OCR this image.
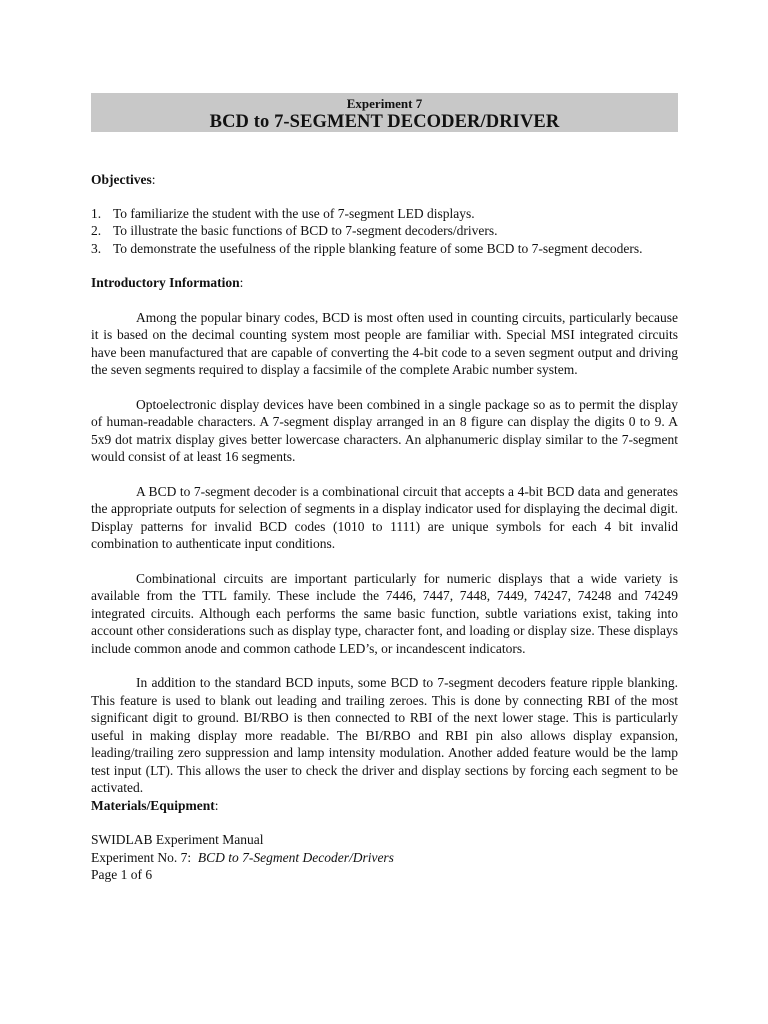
Experiment 7
BCD to 7-SEGMENT DECODER/DRIVER
Objectives:
1. To familiarize the student with the use of 7-segment LED displays.
2. To illustrate the basic functions of BCD to 7-segment decoders/drivers.
3. To demonstrate the usefulness of the ripple blanking feature of some BCD to 7-segment decoders.
Introductory Information:

Among the popular binary codes, BCD is most often used in counting circuits, particularly because it is based on the decimal counting system most people are familiar with. Special MSI integrated circuits have been manufactured that are capable of converting the 4-bit code to a seven segment output and driving the seven segments required to display a facsimile of the complete Arabic number system.

Optoelectronic display devices have been combined in a single package so as to permit the display of human-readable characters. A 7-segment display arranged in an 8 figure can display the digits 0 to 9. A 5x9 dot matrix display gives better lowercase characters. An alphanumeric display similar to the 7-segment would consist of at least 16 segments.

A BCD to 7-segment decoder is a combinational circuit that accepts a 4-bit BCD data and generates the appropriate outputs for selection of segments in a display indicator used for displaying the decimal digit. Display patterns for invalid BCD codes (1010 to 1111) are unique symbols for each 4 bit invalid combination to authenticate input conditions.

Combinational circuits are important particularly for numeric displays that a wide variety is available from the TTL family. These include the 7446, 7447, 7448, 7449, 74247, 74248 and 74249 integrated circuits. Although each performs the same basic function, subtle variations exist, taking into account other considerations such as display type, character font, and loading or display size. These displays include common anode and common cathode LED’s, or incandescent indicators.

In addition to the standard BCD inputs, some BCD to 7-segment decoders feature ripple blanking. This feature is used to blank out leading and trailing zeroes. This is done by connecting RBI of the most significant digit to ground. BI/RBO is then connected to RBI of the next lower stage. This is particularly useful in making display more readable. The BI/RBO and RBI pin also allows display expansion, leading/trailing zero suppression and lamp intensity modulation. Another added feature would be the lamp test input (LT). This allows the user to check the driver and display sections by forcing each segment to be activated.

Materials/Equipment:
SWIDLAB Experiment Manual
Experiment No. 7: BCD to 7-Segment Decoder/Drivers
Page 1 of 6
